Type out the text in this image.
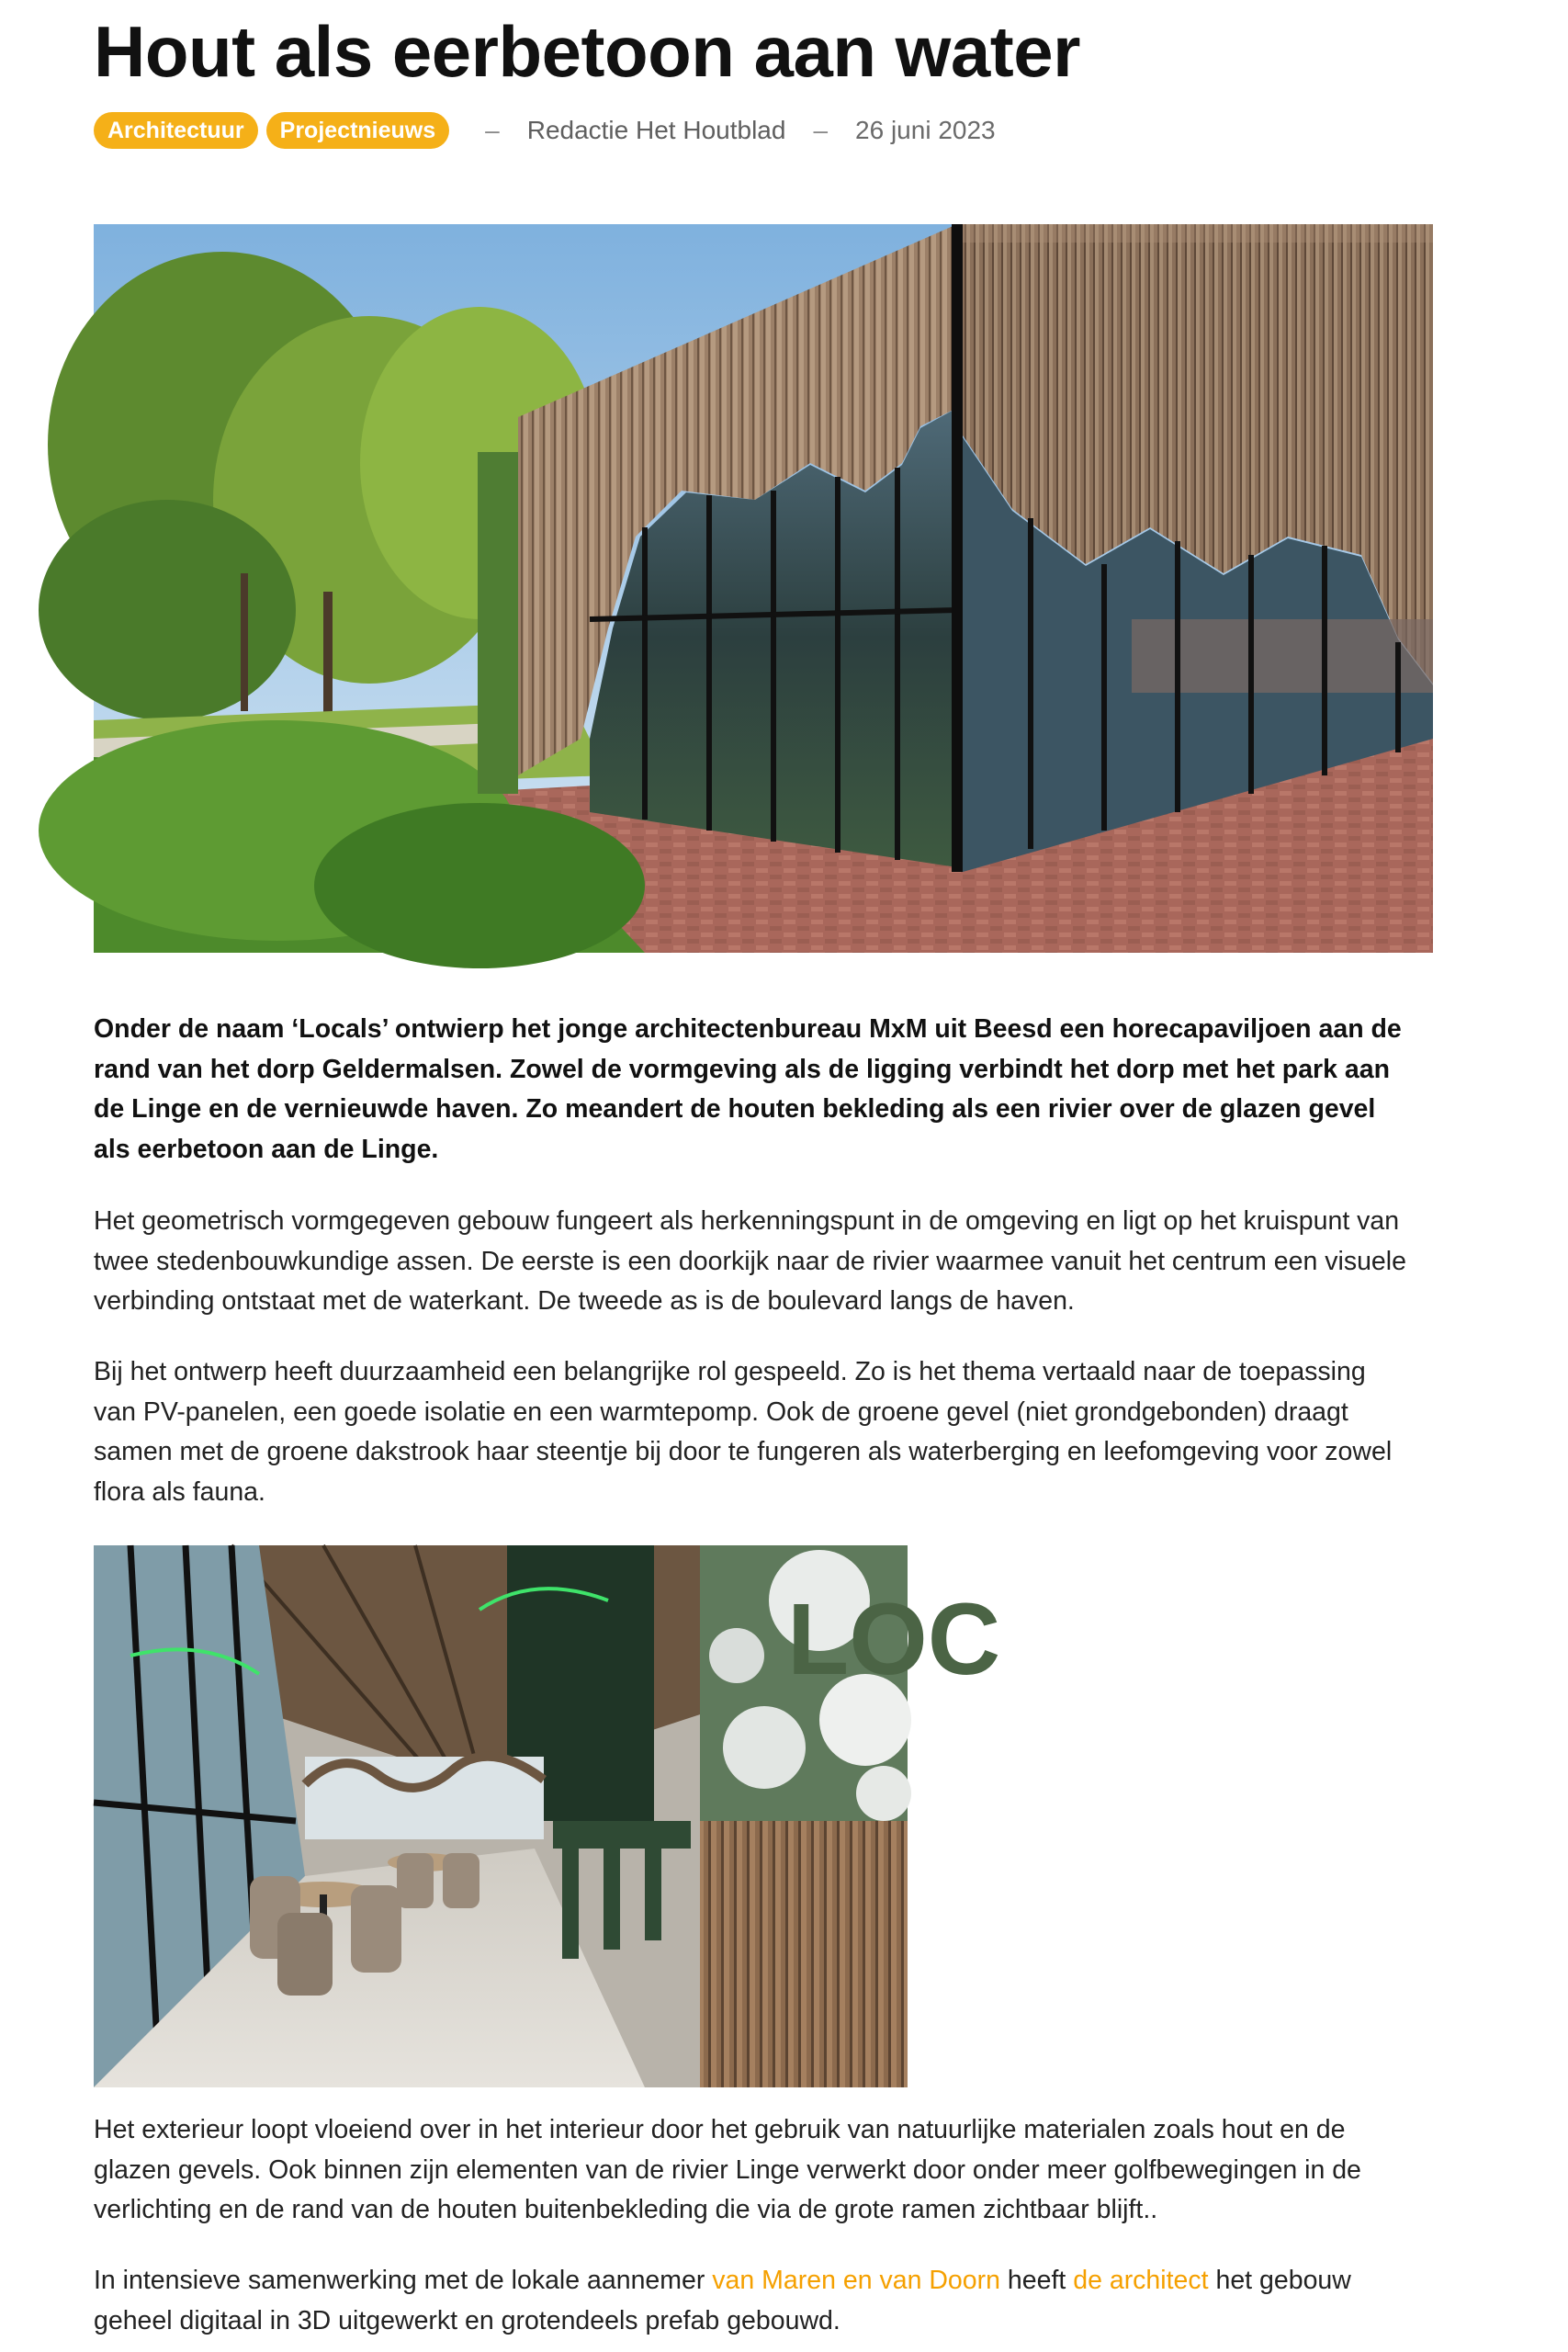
Hout als eerbetoon aan water
Architectuur	Projectnieuws	– Redactie Het Houtblad – 26 juni 2023

Onder de naam ‘Locals’ ontwierp het jonge architectenbureau MxM uit Beesd een horecapaviljoen aan de rand van het dorp Geldermalsen. Zowel de vormgeving als de ligging verbindt het dorp met het park aan de Linge en de vernieuwde haven. Zo meandert de houten bekleding als een rivier over de glazen gevel als eerbetoon aan de Linge.

Het geometrisch vormgegeven gebouw fungeert als herkenningspunt in de omgeving en ligt op het kruispunt van twee stedenbouwkundige assen. De eerste is een doorkijk naar de rivier waarmee vanuit het centrum een visuele verbinding ontstaat met de waterkant. De tweede as is de boulevard langs de haven.

Bij het ontwerp heeft duurzaamheid een belangrijke rol gespeeld. Zo is het thema vertaald naar de toepassing van PV-panelen, een goede isolatie en een warmtepomp. Ook de groene gevel (niet grondgebonden) draagt samen met de groene dakstrook haar steentje bij door te fungeren als waterberging en leefomgeving voor zowel flora als fauna.

LOC

Het exterieur loopt vloeiend over in het interieur door het gebruik van natuurlijke materialen zoals hout en de glazen gevels. Ook binnen zijn elementen van de rivier Linge verwerkt door onder meer golfbewegingen in de verlichting en de rand van de houten buitenbekleding die via de grote ramen zichtbaar blijft..

In intensieve samenwerking met de lokale aannemer van Maren en van Doorn heeft de architect het gebouw geheel digitaal in 3D uitgewerkt en grotendeels prefab gebouwd.
